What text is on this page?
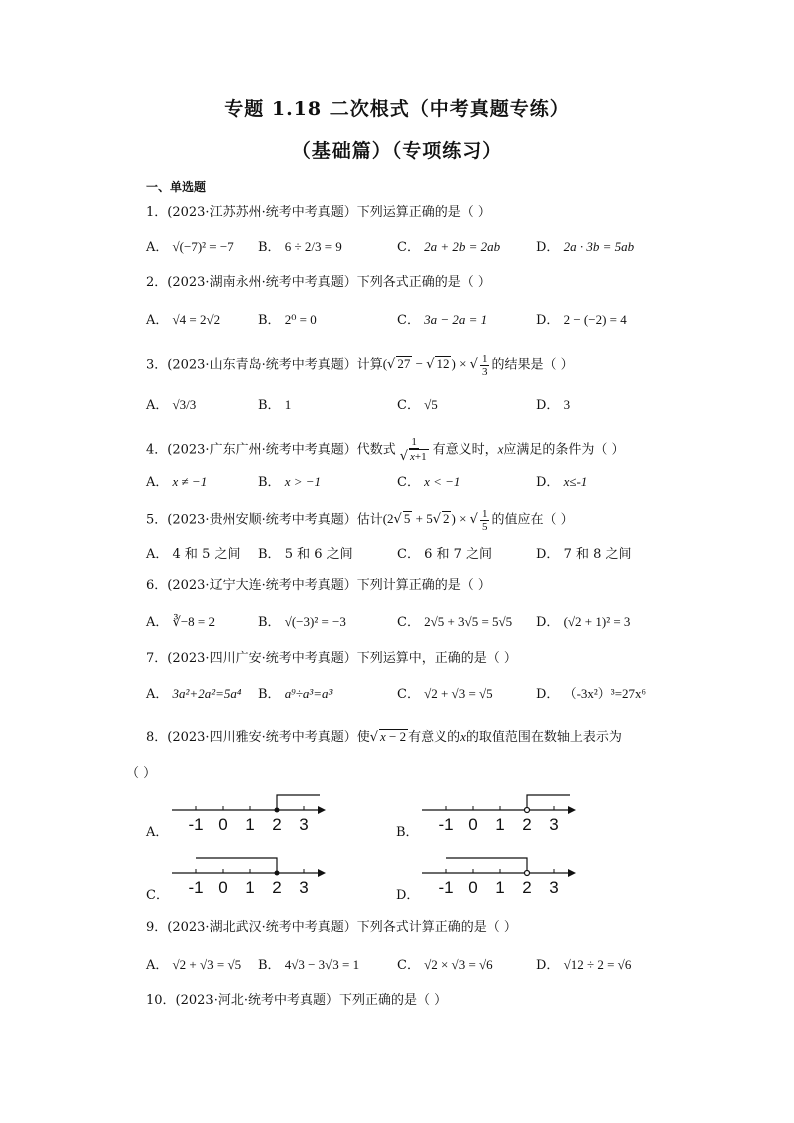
专题 1.18 二次根式（中考真题专练）
（基础篇）（专项练习）
一、单选题
1．(2023·江苏苏州·统考中考真题）下列运算正确的是（ ）
A． √(−7)² = −7 B． 6 ÷ 2/3 = 9	C． 2a + 2b = 2ab	D． 2a · 3b = 5ab
2．(2023·湖南永州·统考中考真题）下列各式正确的是（ ）
A． √4 = 2√2	B． 2⁰ = 0	C． 3a − 2a = 1	D． 2 − (−2) = 4
3．(2023·山东青岛·统考中考真题）计算(√ 27 − √ 12 ) × √ $\frac{1}{3}$ 的结果是（ ）
A． √3/3	B． 1	C． √5	D． 3
4．(2023·广东广州·统考中考真题）代数式 $\frac{1}{√ x+1}$ 有意义时，x应满足的条件为（ ）
A． x ≠ −1	B． x > −1	C． x < −1	D． x≤-1
5．(2023·贵州安顺·统考中考真题）估计(2√ 5 + 5√ 2 ) × √ $\frac{1}{5}$ 的值应在（ ）
A． 4 和 5 之间 B． 5 和 6 之间	C． 6 和 7 之间	D． 7 和 8 之间
6．(2023·辽宁大连·统考中考真题）下列计算正确的是（ ）
A． ∛−8 = 2	B． √(−3)² = −3	C． 2√5 + 3√5 = 5√5 D． (√2 + 1)² = 3
7．(2023·四川广安·统考中考真题）下列运算中，正确的是（ ）
A． 3a²+2a²=5a⁴ B． a⁹÷a³=a³	C． √2 + √3 = √5	D． （-3x²）³=27x⁶
8．(2023·四川雅安·统考中考真题）使√ x − 2 有意义的x的取值范围在数轴上表示为
（ ）
A．	B．
C．	D．
-1 0 1 2 3	-1 0 1 2 3
-1 0 1 2 3	-1 0 1 2 3
9．(2023·湖北武汉·统考中考真题）下列各式计算正确的是（ ）
A． √2 + √3 = √5 B． 4√3 − 3√3 = 1	C． √2 × √3 = √6	D． √12 ÷ 2 = √6
10．(2023·河北·统考中考真题）下列正确的是（ ）
